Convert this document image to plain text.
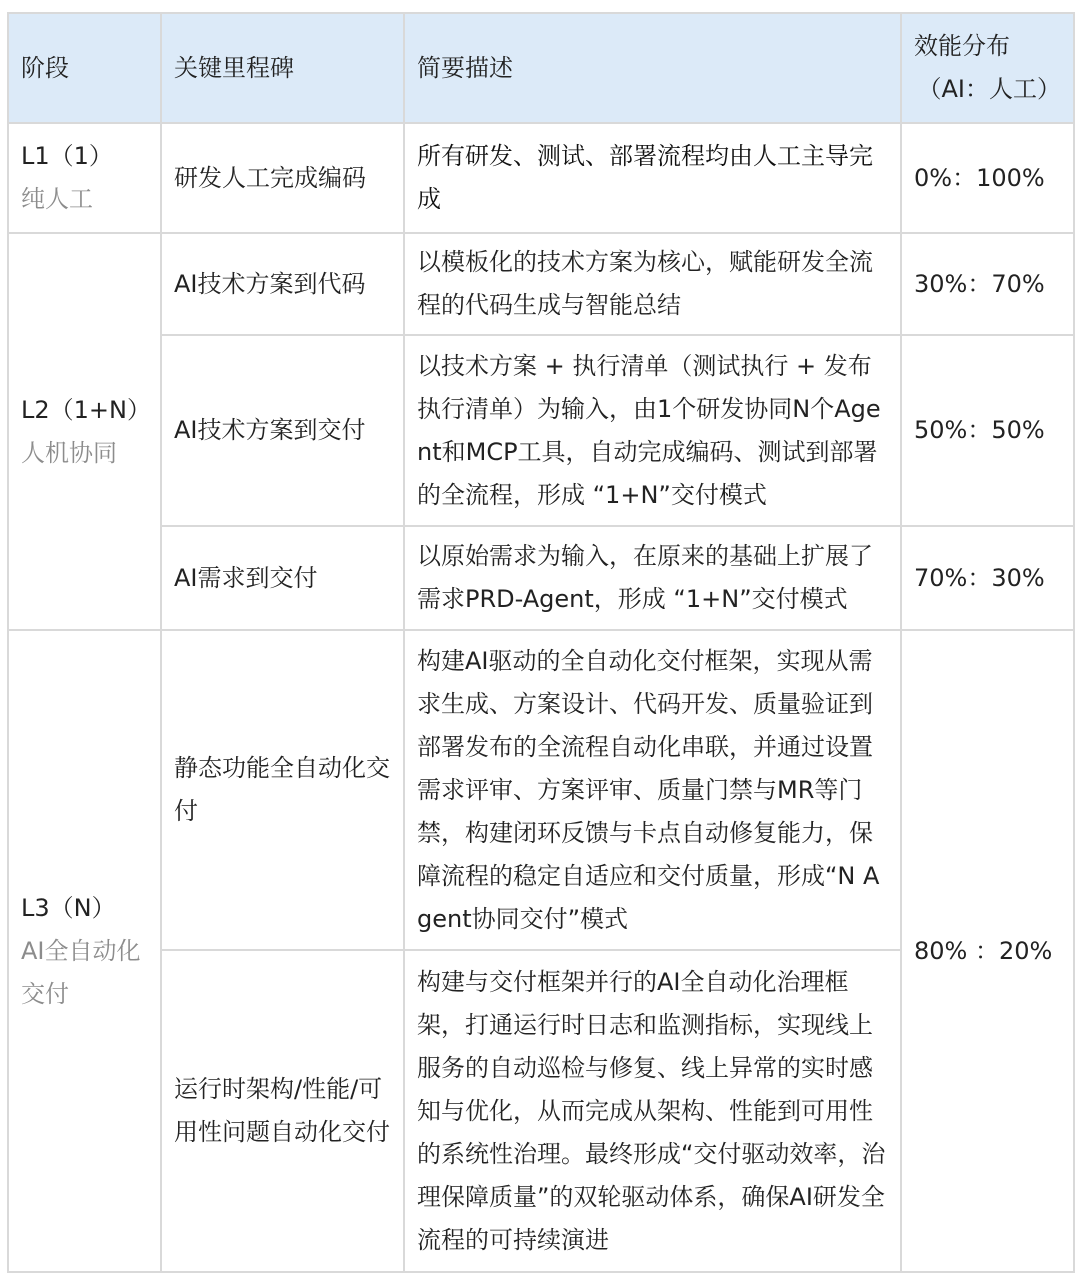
阶段	关键里程碑	简要描述	效能分布
（AI：人工）

L1（1）
纯人工	研发人工完成编码	所有研发、测试、部署流程均由人工主导完成	0%：100%

L2（1+N）
人机协同	AI技术方案到代码	以模板化的技术方案为核心，赋能研发全流程的代码生成与智能总结	30%：70%
	AI技术方案到交付	以技术方案 + 执行清单（测试执行 + 发布执行清单）为输入，由1个研发协同N个Agent和MCP工具，自动完成编码、测试到部署的全流程，形成 “1+N”交付模式	50%：50%
	AI需求到交付	以原始需求为输入，在原来的基础上扩展了需求PRD-Agent，形成 “1+N”交付模式	70%：30%

L3（N）
AI全自动化交付	静态功能全自动化交付	构建AI驱动的全自动化交付框架，实现从需求生成、方案设计、代码开发、质量验证到部署发布的全流程自动化串联，并通过设置需求评审、方案评审、质量门禁与MR等门禁，构建闭环反馈与卡点自动修复能力，保障流程的稳定自适应和交付质量，形成“N Agent协同交付”模式	80% ：20%
	运行时架构/性能/可用性问题自动化交付	构建与交付框架并行的AI全自动化治理框架，打通运行时日志和监测指标，实现线上服务的自动巡检与修复、线上异常的实时感知与优化，从而完成从架构、性能到可用性的系统性治理。最终形成“交付驱动效率，治理保障质量”的双轮驱动体系，确保AI研发全流程的可持续演进	
